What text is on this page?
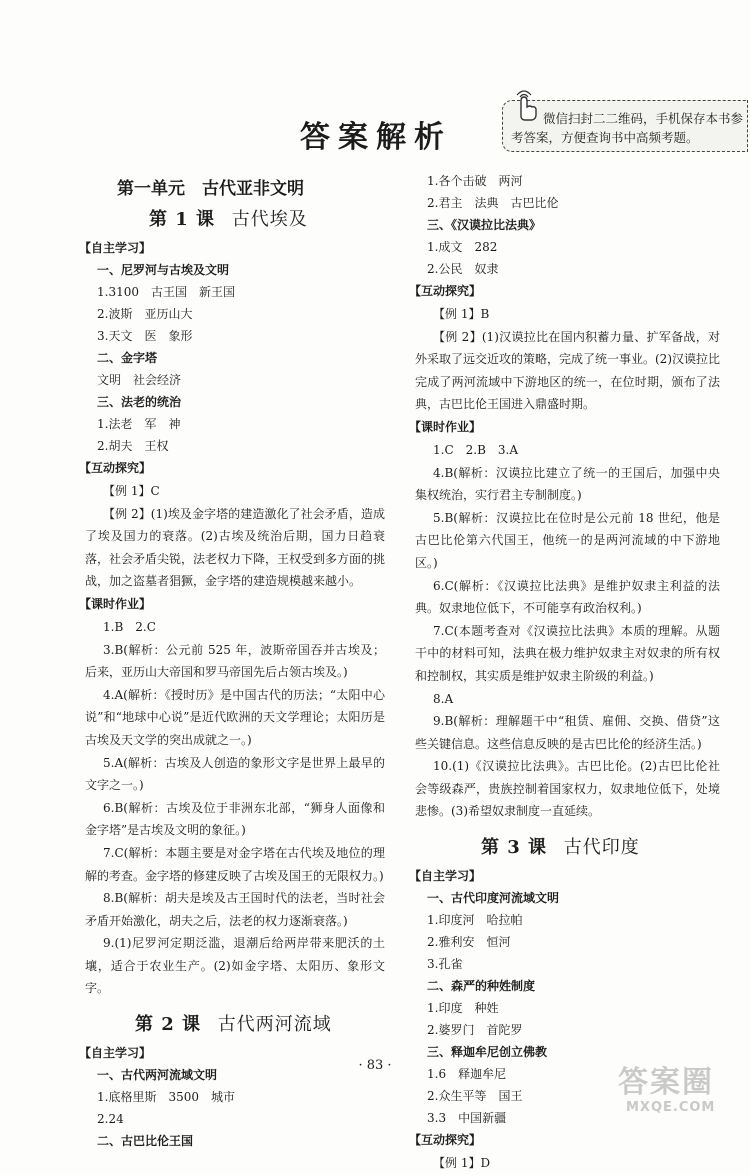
答案解析
微信扫封二二维码，手机保存本书参考答案，方便查询书中高频考题。
第一单元　古代亚非文明
第 1 课 古代埃及
【自主学习】
一、尼罗河与古埃及文明
1.3100　古王国　新王国
2.波斯　亚历山大
3.天文　医　象形
二、金字塔
文明　社会经济
三、法老的统治
1.法老　军　神
2.胡夫　王权
【互动探究】

【例 1】C

【例 2】(1)埃及金字塔的建造激化了社会矛盾，造成了埃及国力的衰落。(2)古埃及统治后期，国力日趋衰落，社会矛盾尖锐，法老权力下降，王权受到多方面的挑战，加之盗墓者猖獗，金字塔的建造规模越来越小。

【课时作业】

1.B　2.C

3.B(解析：公元前 525 年，波斯帝国吞并古埃及；后来，亚历山大帝国和罗马帝国先后占领古埃及。)

4.A(解析：《授时历》是中国古代的历法；“太阳中心说”和“地球中心说”是近代欧洲的天文学理论；太阳历是古埃及天文学的突出成就之一。)

5.A(解析：古埃及人创造的象形文字是世界上最早的文字之一。)

6.B(解析：古埃及位于非洲东北部，“狮身人面像和金字塔”是古埃及文明的象征。)

7.C(解析：本题主要是对金字塔在古代埃及地位的理解的考查。金字塔的修建反映了古埃及国王的无限权力。)

8.B(解析：胡夫是埃及古王国时代的法老，当时社会矛盾开始激化，胡夫之后，法老的权力逐渐衰落。)

9.(1)尼罗河定期泛滥，退潮后给两岸带来肥沃的土壤，适合于农业生产。(2)如金字塔、太阳历、象形文字。

第 2 课 古代两河流域
【自主学习】
一、古代两河流域文明
1.底格里斯　3500　城市
2.24
二、古巴比伦王国
1.各个击破　两河
2.君主　法典　古巴比伦
三、《汉谟拉比法典》
1.成文　282
2.公民　奴隶
【互动探究】

【例 1】B

【例 2】(1)汉谟拉比在国内积蓄力量、扩军备战，对外采取了远交近攻的策略，完成了统一事业。(2)汉谟拉比完成了两河流域中下游地区的统一，在位时期，颁布了法典，古巴比伦王国进入鼎盛时期。

【课时作业】

1.C　2.B　3.A

4.B(解析：汉谟拉比建立了统一的王国后，加强中央集权统治，实行君主专制制度。)

5.B(解析：汉谟拉比在位时是公元前 18 世纪，他是古巴比伦第六代国王，他统一的是两河流域的中下游地区。)

6.C(解析：《汉谟拉比法典》是维护奴隶主利益的法典。奴隶地位低下，不可能享有政治权利。)

7.C(本题考查对《汉谟拉比法典》本质的理解。从题干中的材料可知，法典在极力维护奴隶主对奴隶的所有权和控制权，其实质是维护奴隶主阶级的利益。)

8.A

9.B(解析：理解题干中“租赁、雇佣、交换、借贷”这些关键信息。这些信息反映的是古巴比伦的经济生活。)

10.(1)《汉谟拉比法典》。古巴比伦。(2)古巴比伦社会等级森严，贵族控制着国家权力，奴隶地位低下，处境悲惨。(3)希望奴隶制度一直延续。

第 3 课 古代印度
【自主学习】
一、古代印度河流域文明
1.印度河　哈拉帕
2.雅利安　恒河
3.孔雀
二、森严的种姓制度
1.印度　种姓
2.婆罗门　首陀罗
三、释迦牟尼创立佛教
1.6　释迦牟尼
2.众生平等　国王
3.3　中国新疆
【互动探究】

【例 1】D

· 83 ·	答案圈
MXQE.COM
